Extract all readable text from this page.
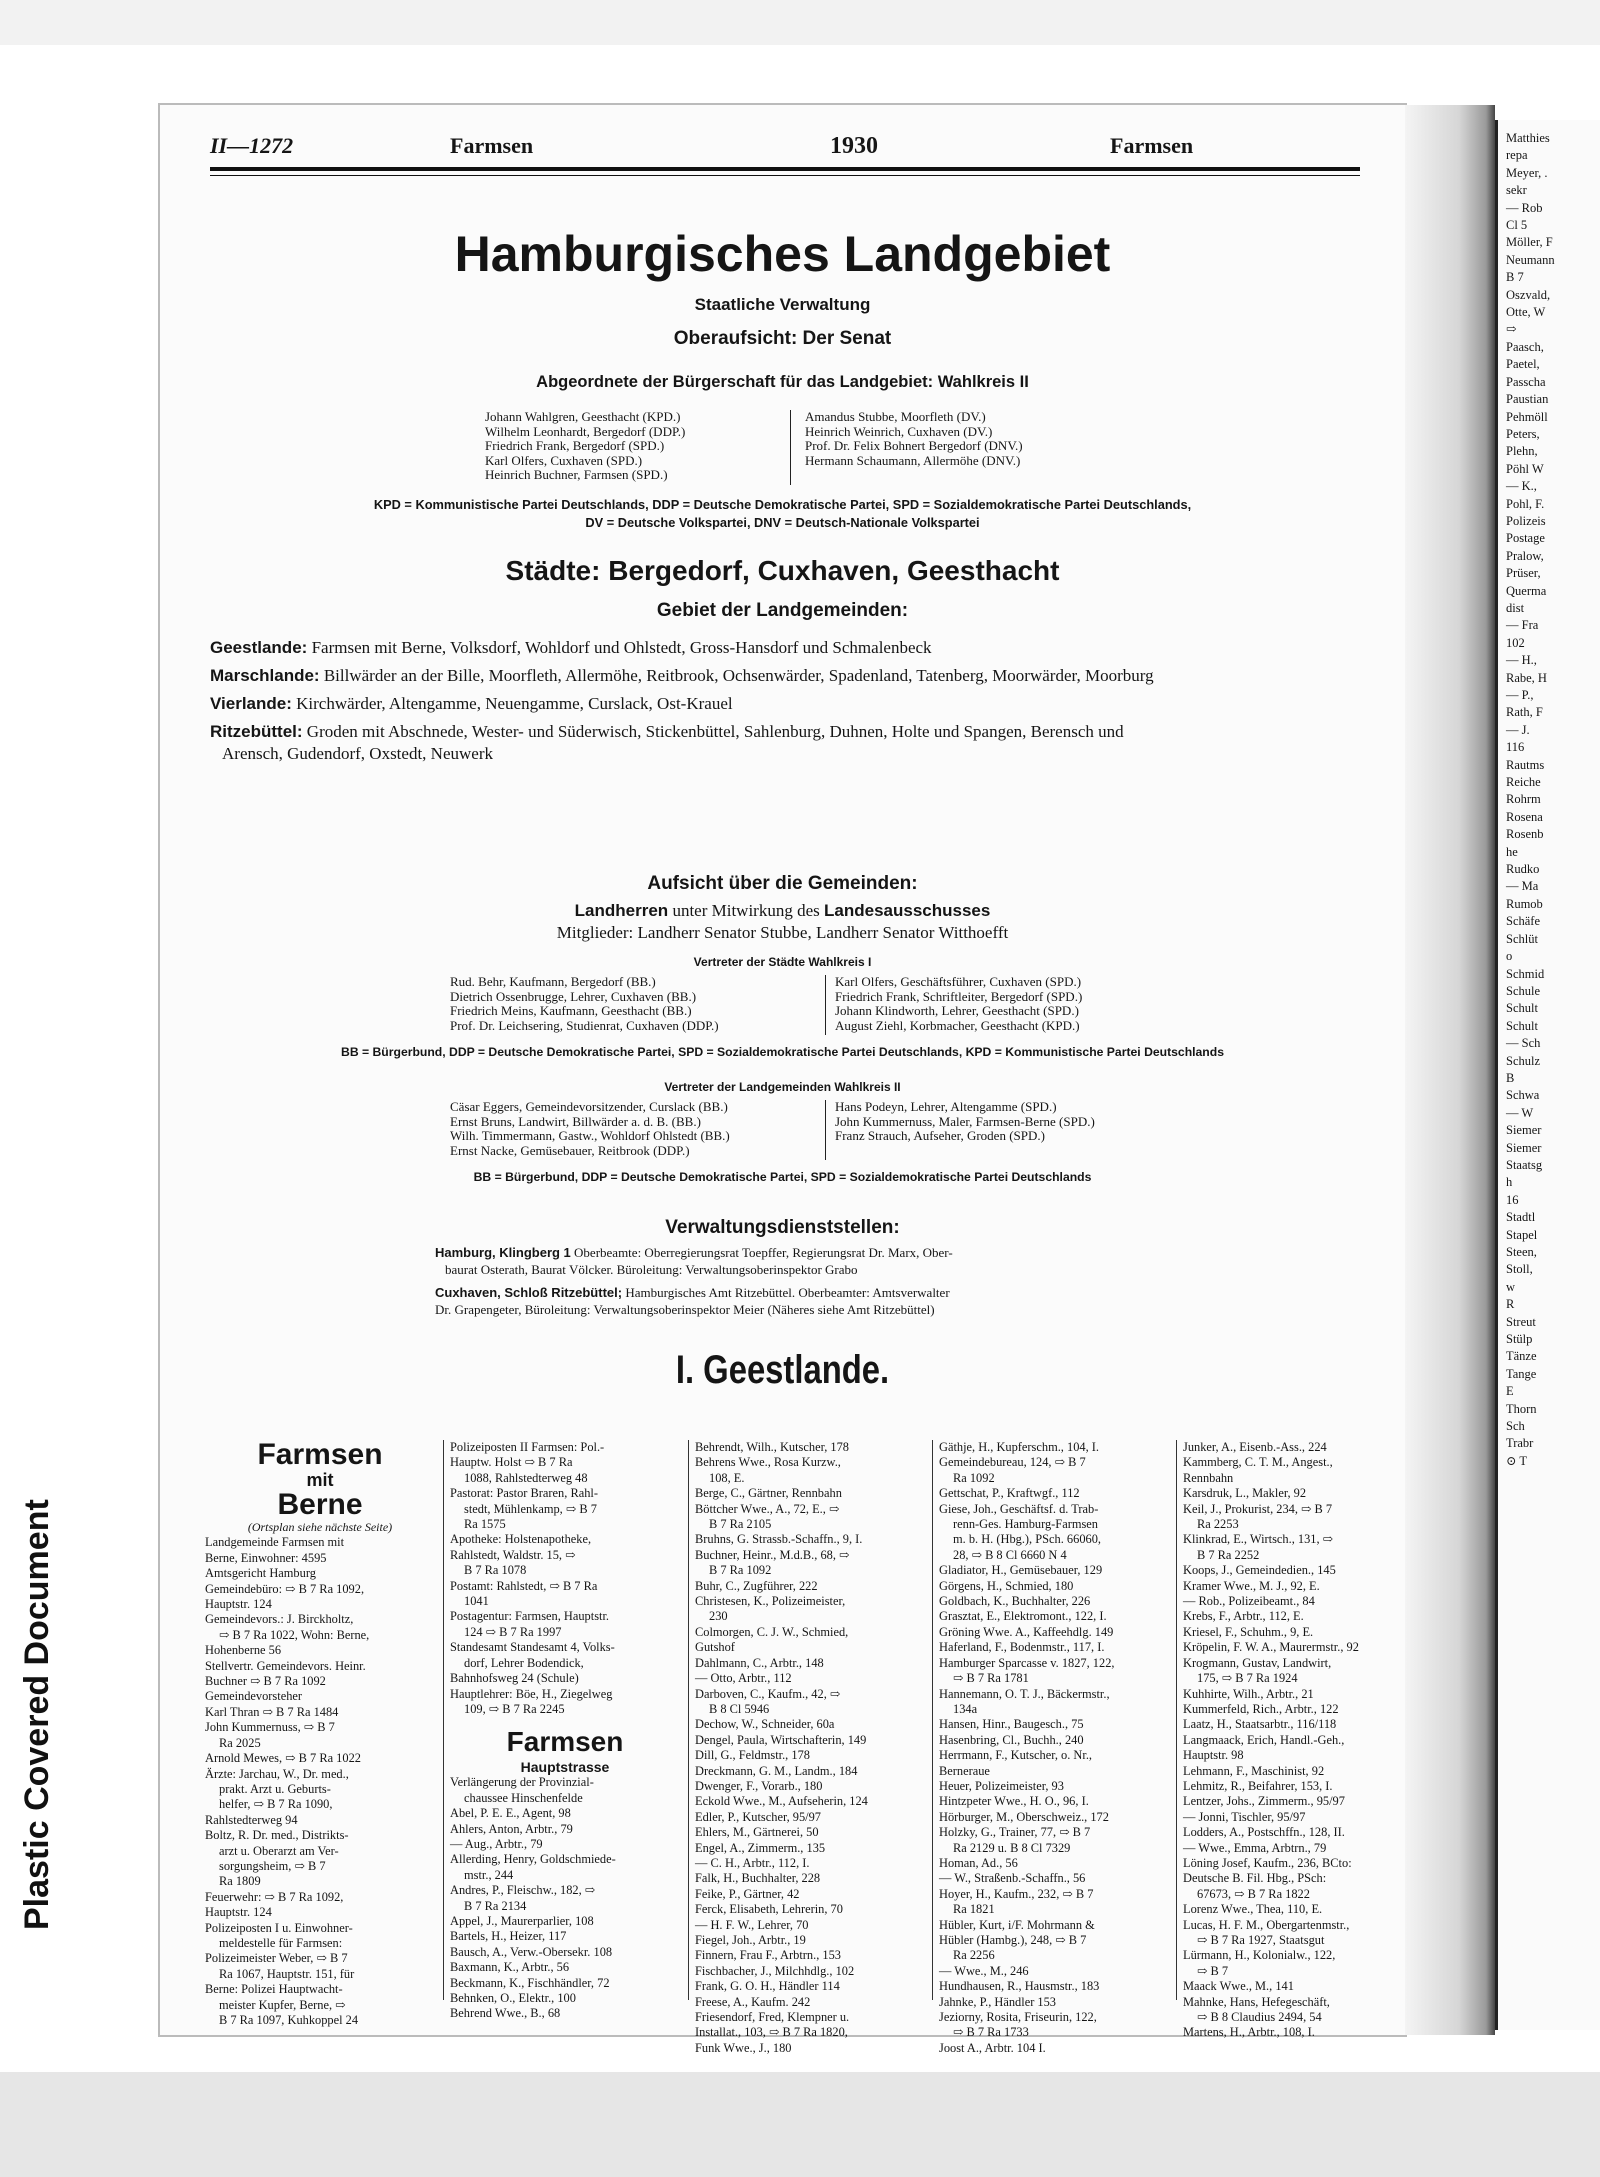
Plastic Covered Document
II—1272	Farmsen	1930	Farmsen
Hamburgisches Landgebiet
Staatliche Verwaltung
Oberaufsicht: Der Senat
Abgeordnete der Bürgerschaft für das Landgebiet: Wahlkreis II
Johann Wahlgren, Geesthacht (KPD.)
Wilhelm Leonhardt, Bergedorf (DDP.)
Friedrich Frank, Bergedorf (SPD.)
Karl Olfers, Cuxhaven (SPD.)
Heinrich Buchner, Farmsen (SPD.)
Amandus Stubbe, Moorfleth (DV.)
Heinrich Weinrich, Cuxhaven (DV.)
Prof. Dr. Felix Bohnert Bergedorf (DNV.)
Hermann Schaumann, Allermöhe (DNV.)
KPD = Kommunistische Partei Deutschlands, DDP = Deutsche Demokratische Partei, SPD = Sozialdemokratische Partei Deutschlands,
DV = Deutsche Volkspartei, DNV = Deutsch-Nationale Volkspartei
Städte: Bergedorf, Cuxhaven, Geesthacht
Gebiet der Landgemeinden:
Geestlande: Farmsen mit Berne, Volksdorf, Wohldorf und Ohlstedt, Gross-Hansdorf und Schmalenbeck
Marschlande: Billwärder an der Bille, Moorfleth, Allermöhe, Reitbrook, Ochsenwärder, Spadenland, Tatenberg, Moorwärder, Moorburg
Vierlande: Kirchwärder, Altengamme, Neuengamme, Curslack, Ost-Krauel
Ritzebüttel: Groden mit Abschnede, Wester- und Süderwisch, Stickenbüttel, Sahlenburg, Duhnen, Holte und Spangen, Berensch und
Arensch, Gudendorf, Oxstedt, Neuwerk
Aufsicht über die Gemeinden:
Landherren unter Mitwirkung des Landesausschusses
Mitglieder: Landherr Senator Stubbe, Landherr Senator Witthoefft
Vertreter der Städte Wahlkreis I
Rud. Behr, Kaufmann, Bergedorf (BB.)
Dietrich Ossenbrugge, Lehrer, Cuxhaven (BB.)
Friedrich Meins, Kaufmann, Geesthacht (BB.)
Prof. Dr. Leichsering, Studienrat, Cuxhaven (DDP.)
Karl Olfers, Geschäftsführer, Cuxhaven (SPD.)
Friedrich Frank, Schriftleiter, Bergedorf (SPD.)
Johann Klindworth, Lehrer, Geesthacht (SPD.)
August Ziehl, Korbmacher, Geesthacht (KPD.)
BB = Bürgerbund, DDP = Deutsche Demokratische Partei, SPD = Sozialdemokratische Partei Deutschlands, KPD = Kommunistische Partei Deutschlands
Vertreter der Landgemeinden Wahlkreis II
Cäsar Eggers, Gemeindevorsitzender, Curslack (BB.)
Ernst Bruns, Landwirt, Billwärder a. d. B. (BB.)
Wilh. Timmermann, Gastw., Wohldorf Ohlstedt (BB.)
Ernst Nacke, Gemüsebauer, Reitbrook (DDP.)
Hans Podeyn, Lehrer, Altengamme (SPD.)
John Kummernuss, Maler, Farmsen-Berne (SPD.)
Franz Strauch, Aufseher, Groden (SPD.)
BB = Bürgerbund, DDP = Deutsche Demokratische Partei, SPD = Sozialdemokratische Partei Deutschlands
Verwaltungsdienststellen:
Hamburg, Klingberg 1 Oberbeamte: Oberregierungsrat Toepffer, Regierungsrat Dr. Marx, Ober-
baurat Osterath, Baurat Völcker. Büroleitung: Verwaltungsoberinspektor Grabo
Cuxhaven, Schloß Ritzebüttel; Hamburgisches Amt Ritzebüttel. Oberbeamter: Amtsverwalter
Dr. Grapengeter, Büroleitung: Verwaltungsoberinspektor Meier (Näheres siehe Amt Ritzebüttel)
I. Geestlande.
Farmsen
mit
Berne
(Ortsplan siehe nächste Seite)
Landgemeinde Farmsen mit
Berne, Einwohner: 4595
Amtsgericht Hamburg
Gemeindebüro: ⇨ B 7 Ra 1092,
Hauptstr. 124
Gemeindevors.: J. Birckholtz,
⇨ B 7 Ra 1022, Wohn: Berne,
Hohenberne 56
Stellvertr. Gemeindevors. Heinr.
Buchner ⇨ B 7 Ra 1092
Gemeindevorsteher
Karl Thran ⇨ B 7 Ra 1484
John Kummernuss, ⇨ B 7
Ra 2025
Arnold Mewes, ⇨ B 7 Ra 1022
Ärzte: Jarchau, W., Dr. med.,
prakt. Arzt u. Geburts-
helfer, ⇨ B 7 Ra 1090,
Rahlstedterweg 94
Boltz, R. Dr. med., Distrikts-
arzt u. Oberarzt am Ver-
sorgungsheim, ⇨ B 7
Ra 1809
Feuerwehr: ⇨ B 7 Ra 1092,
Hauptstr. 124
Polizeiposten I u. Einwohner-
meldestelle für Farmsen:
Polizeimeister Weber, ⇨ B 7
Ra 1067, Hauptstr. 151, für
Berne: Polizei Hauptwacht-
meister Kupfer, Berne, ⇨
B 7 Ra 1097, Kuhkoppel 24
Polizeiposten II Farmsen: Pol.-
Hauptw. Holst ⇨ B 7 Ra
1088, Rahlstedterweg 48
Pastorat: Pastor Braren, Rahl-
stedt, Mühlenkamp, ⇨ B 7
Ra 1575
Apotheke: Holstenapotheke,
Rahlstedt, Waldstr. 15, ⇨
B 7 Ra 1078
Postamt: Rahlstedt, ⇨ B 7 Ra
1041
Postagentur: Farmsen, Hauptstr.
124 ⇨ B 7 Ra 1997
Standesamt Standesamt 4, Volks-
dorf, Lehrer Bodendick,
Bahnhofsweg 24 (Schule)
Hauptlehrer: Böe, H., Ziegelweg
109, ⇨ B 7 Ra 2245
Farmsen
Hauptstrasse
Verlängerung der Provinzial-
chaussee Hinschenfelde
Abel, P. E. E., Agent, 98
Ahlers, Anton, Arbtr., 79
— Aug., Arbtr., 79
Allerding, Henry, Goldschmiede-
mstr., 244
Andres, P., Fleischw., 182, ⇨
B 7 Ra 2134
Appel, J., Maurerparlier, 108
Bartels, H., Heizer, 117
Bausch, A., Verw.-Obersekr. 108
Baxmann, K., Arbtr., 56
Beckmann, K., Fischhändler, 72
Behnken, O., Elektr., 100
Behrend Wwe., B., 68
Behrendt, Wilh., Kutscher, 178
Behrens Wwe., Rosa Kurzw.,
108, E.
Berge, C., Gärtner, Rennbahn
Böttcher Wwe., A., 72, E., ⇨
B 7 Ra 2105
Bruhns, G. Strassb.-Schaffn., 9, I.
Buchner, Heinr., M.d.B., 68, ⇨
B 7 Ra 1092
Buhr, C., Zugführer, 222
Christesen, K., Polizeimeister,
230
Colmorgen, C. J. W., Schmied,
Gutshof
Dahlmann, C., Arbtr., 148
— Otto, Arbtr., 112
Darboven, C., Kaufm., 42, ⇨
B 8 Cl 5946
Dechow, W., Schneider, 60a
Dengel, Paula, Wirtschafterin, 149
Dill, G., Feldmstr., 178
Dreckmann, G. M., Landm., 184
Dwenger, F., Vorarb., 180
Eckold Wwe., M., Aufseherin, 124
Edler, P., Kutscher, 95/97
Ehlers, M., Gärtnerei, 50
Engel, A., Zimmerm., 135
— C. H., Arbtr., 112, I.
Falk, H., Buchhalter, 228
Feike, P., Gärtner, 42
Ferck, Elisabeth, Lehrerin, 70
— H. F. W., Lehrer, 70
Fiegel, Joh., Arbtr., 19
Finnern, Frau F., Arbtrn., 153
Fischbacher, J., Milchhdlg., 102
Frank, G. O. H., Händler 114
Freese, A., Kaufm. 242
Friesendorf, Fred, Klempner u.
Installat., 103, ⇨ B 7 Ra 1820,
Funk Wwe., J., 180
Gäthje, H., Kupferschm., 104, I.
Gemeindebureau, 124, ⇨ B 7
Ra 1092
Gettschat, P., Kraftwgf., 112
Giese, Joh., Geschäftsf. d. Trab-
renn-Ges. Hamburg-Farmsen
m. b. H. (Hbg.), PSch. 66060,
28, ⇨ B 8 Cl 6660 N 4
Gladiator, H., Gemüsebauer, 129
Görgens, H., Schmied, 180
Goldbach, K., Buchhalter, 226
Grasztat, E., Elektromont., 122, I.
Gröning Wwe. A., Kaffeehdlg. 149
Haferland, F., Bodenmstr., 117, I.
Hamburger Sparcasse v. 1827, 122,
⇨ B 7 Ra 1781
Hannemann, O. T. J., Bäckermstr.,
134a
Hansen, Hinr., Baugesch., 75
Hasenbring, Cl., Buchh., 240
Herrmann, F., Kutscher, o. Nr.,
Berneraue
Heuer, Polizeimeister, 93
Hintzpeter Wwe., H. O., 96, I.
Hörburger, M., Oberschweiz., 172
Holzky, G., Trainer, 77, ⇨ B 7
Ra 2129 u. B 8 Cl 7329
Homan, Ad., 56
— W., Straßenb.-Schaffn., 56
Hoyer, H., Kaufm., 232, ⇨ B 7
Ra 1821
Hübler, Kurt, i/F. Mohrmann &
Hübler (Hambg.), 248, ⇨ B 7
Ra 2256
— Wwe., M., 246
Hundhausen, R., Hausmstr., 183
Jahnke, P., Händler 153
Jeziorny, Rosita, Friseurin, 122,
⇨ B 7 Ra 1733
Joost A., Arbtr. 104 I.
Junker, A., Eisenb.-Ass., 224
Kammberg, C. T. M., Angest.,
Rennbahn
Karsdruk, L., Makler, 92
Keil, J., Prokurist, 234, ⇨ B 7
Ra 2253
Klinkrad, E., Wirtsch., 131, ⇨
B 7 Ra 2252
Koops, J., Gemeindedien., 145
Kramer Wwe., M. J., 92, E.
— Rob., Polizeibeamt., 84
Krebs, F., Arbtr., 112, E.
Kriesel, F., Schuhm., 9, E.
Kröpelin, F. W. A., Maurermstr., 92
Krogmann, Gustav, Landwirt,
175, ⇨ B 7 Ra 1924
Kuhhirte, Wilh., Arbtr., 21
Kummerfeld, Rich., Arbtr., 122
Laatz, H., Staatsarbtr., 116/118
Langmaack, Erich, Handl.-Geh.,
Hauptstr. 98
Lehmann, F., Maschinist, 92
Lehmitz, R., Beifahrer, 153, I.
Lentzer, Johs., Zimmerm., 95/97
— Jonni, Tischler, 95/97
Lodders, A., Postschffn., 128, II.
— Wwe., Emma, Arbtrn., 79
Löning Josef, Kaufm., 236, BCto:
Deutsche B. Fil. Hbg., PSch:
67673, ⇨ B 7 Ra 1822
Lorenz Wwe., Thea, 110, E.
Lucas, H. F. M., Obergartenmstr.,
⇨ B 7 Ra 1927, Staatsgut
Lürmann, H., Kolonialw., 122,
⇨ B 7
Maack Wwe., M., 141
Mahnke, Hans, Hefegeschäft,
⇨ B 8 Claudius 2494, 54
Martens, H., Arbtr., 108, I.
Matthies
repa
Meyer, .
sekr
— Rob
Cl 5
Möller, F
Neumann
B 7
Oszvald,
Otte, W
⇨
Paasch,
Paetel,
Passcha
Paustian
Pehmöll
Peters,
Plehn,
Pöhl W
— K.,
Pohl, F.
Polizeis
Postage
Pralow,
Prüser,
Querma
dist
— Fra
102
— H.,
Rabe, H
— P.,
Rath, F
— J.
116
Rautms
Reiche
Rohrm
Rosena
Rosenb
he
Rudko
— Ma
Rumob
Schäfe
Schlüt
o
Schmid
Schule
Schult
Schult
— Sch
Schulz
B
Schwa
— W
Siemer
Siemer
Staatsg
h
16
Stadtl
Stapel
Steen,
Stoll,
w
R
Streut
Stülp
Tänze
Tange
E
Thorn
Sch
Trabr
⊙ T
